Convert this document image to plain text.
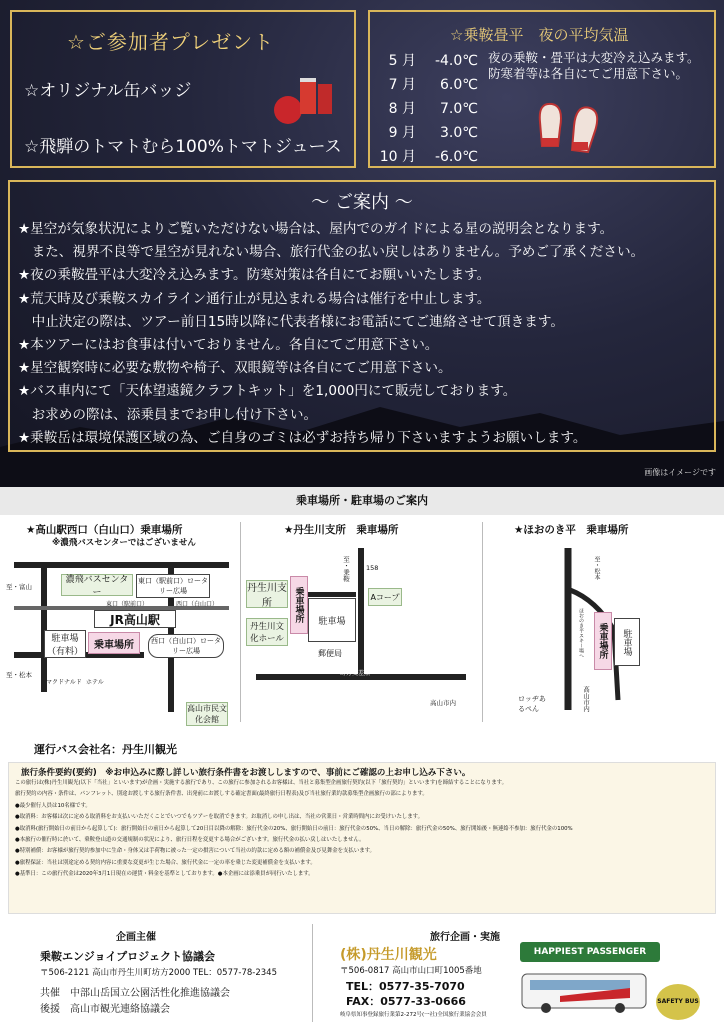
☆ご参加者プレゼント
☆オリジナル缶バッジ
☆飛騨のトマトむら100%トマトジュース
☆乗鞍畳平　夜の平均気温
5 月	-4.0℃
7 月	6.0℃
8 月	7.0℃
9 月	3.0℃
10 月	-6.0℃
夜の乗鞍・畳平は大変冷え込みます。
防寒着等は各自にてご用意下さい。
～ ご案内 ～
★星空が気象状況によりご覧いただけない場合は、屋内でのガイドによる星の説明会となります。
　また、視界不良等で星空が見れない場合、旅行代金の払い戻しはありません。予めご了承ください。
★夜の乗鞍畳平は大変冷え込みます。防寒対策は各自にてお願いいたします。
★荒天時及び乗鞍スカイライン通行止が見込まれる場合は催行を中止します。
　中止決定の際は、ツアー前日15時以降に代表者様にお電話にてご連絡させて頂きます。
★本ツアーにはお食事は付いておりません。各自にてご用意下さい。
★星空観察時に必要な敷物や椅子、双眼鏡等は各自にてご用意下さい。
★バス車内にて「天体望遠鏡クラフトキット」を1,000円にて販売しております。
　お求めの際は、添乗員までお申し付け下さい。
★乗鞍岳は環境保護区域の為、ご自身のゴミは必ずお持ち帰り下さいますようお願いします。
画像はイメージです
乗車場所・駐車場のご案内
★高山駅西口（白山口）乗車場所
※濃飛バスセンターではございません
濃飛バスセンター
東口（駅前口）ロータリー広場
東口（駅前口）	西口（白山口）
JR高山駅
駐車場（有料）
乗車場所	西口（白山口）ロータリー広場
マクドナルド ホテル
高山市民文化会館
至・富山
至・松本
★丹生川支所　乗車場所
丹生川支所	乗車場所	駐車場
丹生川文化ホール
Aコープ
郵便局
158
町方交差点
至・乗鞍
高山市内
★ほおのき平　乗車場所
乗車場所	駐車場
至・松本
高山市内
ロッヂあるぺん
ほおのき平スキー場へ
運行バス会社名：丹生川観光
旅行条件要約(要約)　※お申込みに際し詳しい旅行条件書をお渡ししますので、事前にご確認の上お申し込み下さい。
この旅行は(株)丹生川観光(以下「当社」といいます)が企画・実施する旅行であり、この旅行に参加されるお客様は、当社と募集型企画旅行契約(以下「旅行契約」といいます)を締結することになります。
旅行契約の内容・条件は、パンフレット、別途お渡しする旅行条件書、出発前にお渡しする確定書面(最終旅行日程表)及び当社旅行業約款募集型企画旅行の部によります。
●最少催行人員は10名様です。
●取消料：お客様は次に定める取消料をお支払いいただくことでいつでもツアーを取消できます。お取消しの申し出は、当社の営業日・営業時間内にお受けいたします。
●取消料(旅行開始日の前日から起算して)：旅行開始日の前日から起算して20日目以降の解除：旅行代金の20%、旅行開始日の前日：旅行代金の50%、当日の解除：旅行代金の50%、旅行開始後・無連絡不参加：旅行代金の100%
●本旅行の催行時に於いて、乗鞍登山道の交通規制の状況により、旅行日程を変更する場合がございます。旅行代金の払い戻しはいたしません。
●特別補償：お客様が旅行契約参加中に生命・身体又は手荷物に被った一定の損害について当社の約款に定める額の補償金及び見舞金を支払います。
●旅程保証：当社は別途定める契約内容に重要な変更が生じた場合、旅行代金に一定の率を乗じた変更補償金を支払います。
●基準日：この旅行代金は2020年3月1日現在の運賃・料金を基準としております。●本企画には添乗員が同行いたします。
企画主催
乗鞍エンジョイプロジェクト協議会
〒506-2121 高山市丹生川町坊方2000 TEL：0577-78-2345
共催　中部山岳国立公園活性化推進協議会
後援　高山市観光連絡協議会
旅行企画・実施
(株)丹生川観光
〒506-0817 高山市山口町1005番地
TEL：0577-35-7070
FAX：0577-33-0666
岐阜県知事登録旅行業第2-272号(一社)全国旅行業協会会員
HAPPIEST PASSENGER
SAFETY BUS
